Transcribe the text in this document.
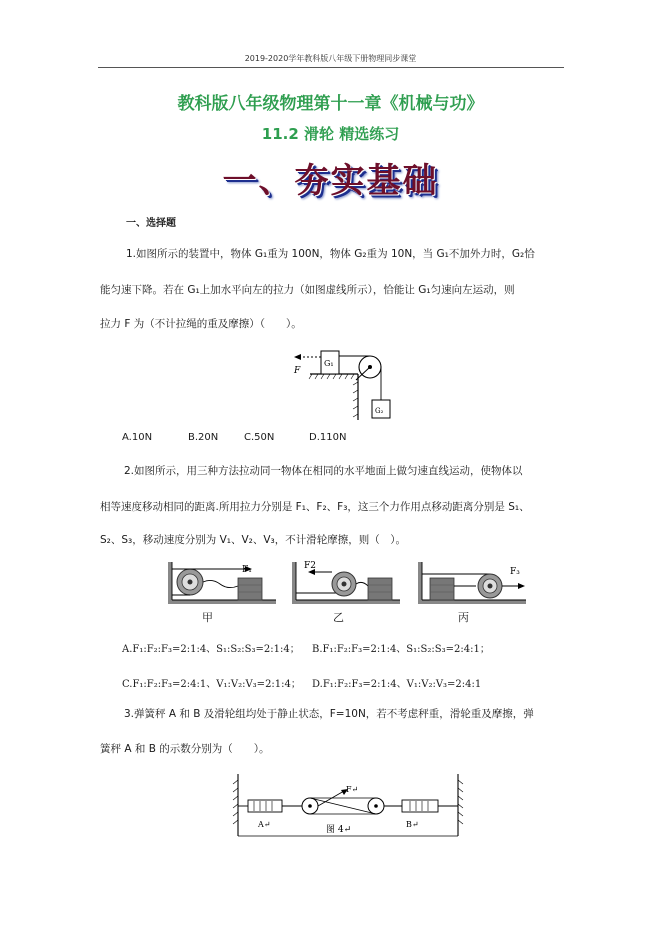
2019-2020学年教科版八年级下册物理同步课堂
教科版八年级物理第十一章《机械与功》
11.2 滑轮 精选练习
一、夯实基础
一、选择题
1.如图所示的装置中，物体 G₁重为 100N，物体 G₂重为 10N，当 G₁不加外力时，G₂恰
能匀速下降。若在 G₁上加水平向左的拉力（如图虚线所示），恰能让 G₁匀速向左运动，则
拉力 F 为（不计拉绳的重及摩擦）（　　）。
G₁
G₂
F
A.10N	B.20N	C.50N	D.110N
2.如图所示，用三种方法拉动同一物体在相同的水平地面上做匀速直线运动，使物体以
相等速度移动相同的距离.所用拉力分别是 F₁、F₂、F₃，这三个力作用点移动距离分别是 S₁、
S₂、S₃，移动速度分别为 V₁、V₂、V₃，不计滑轮摩擦，则（　）。
F₁	F2
F₃
甲	乙	丙
A.F₁:F₂:F₃=2:1:4、S₁:S₂:S₃=2:1:4； B.F₁:F₂:F₃=2:1:4、S₁:S₂:S₃=2:4:1；
C.F₁:F₂:F₃=2:4:1、V₁:V₂:V₃=2:1:4； D.F₁:F₂:F₃=2:1:4、V₁:V₂:V₃=2:4:1
3.弹簧秤 A 和 B 及滑轮组均处于静止状态，F=10N，若不考虑秤重，滑轮重及摩擦，弹
簧秤 A 和 B 的示数分别为（　　）。
A↵
F↵
B↵
图 4↵
